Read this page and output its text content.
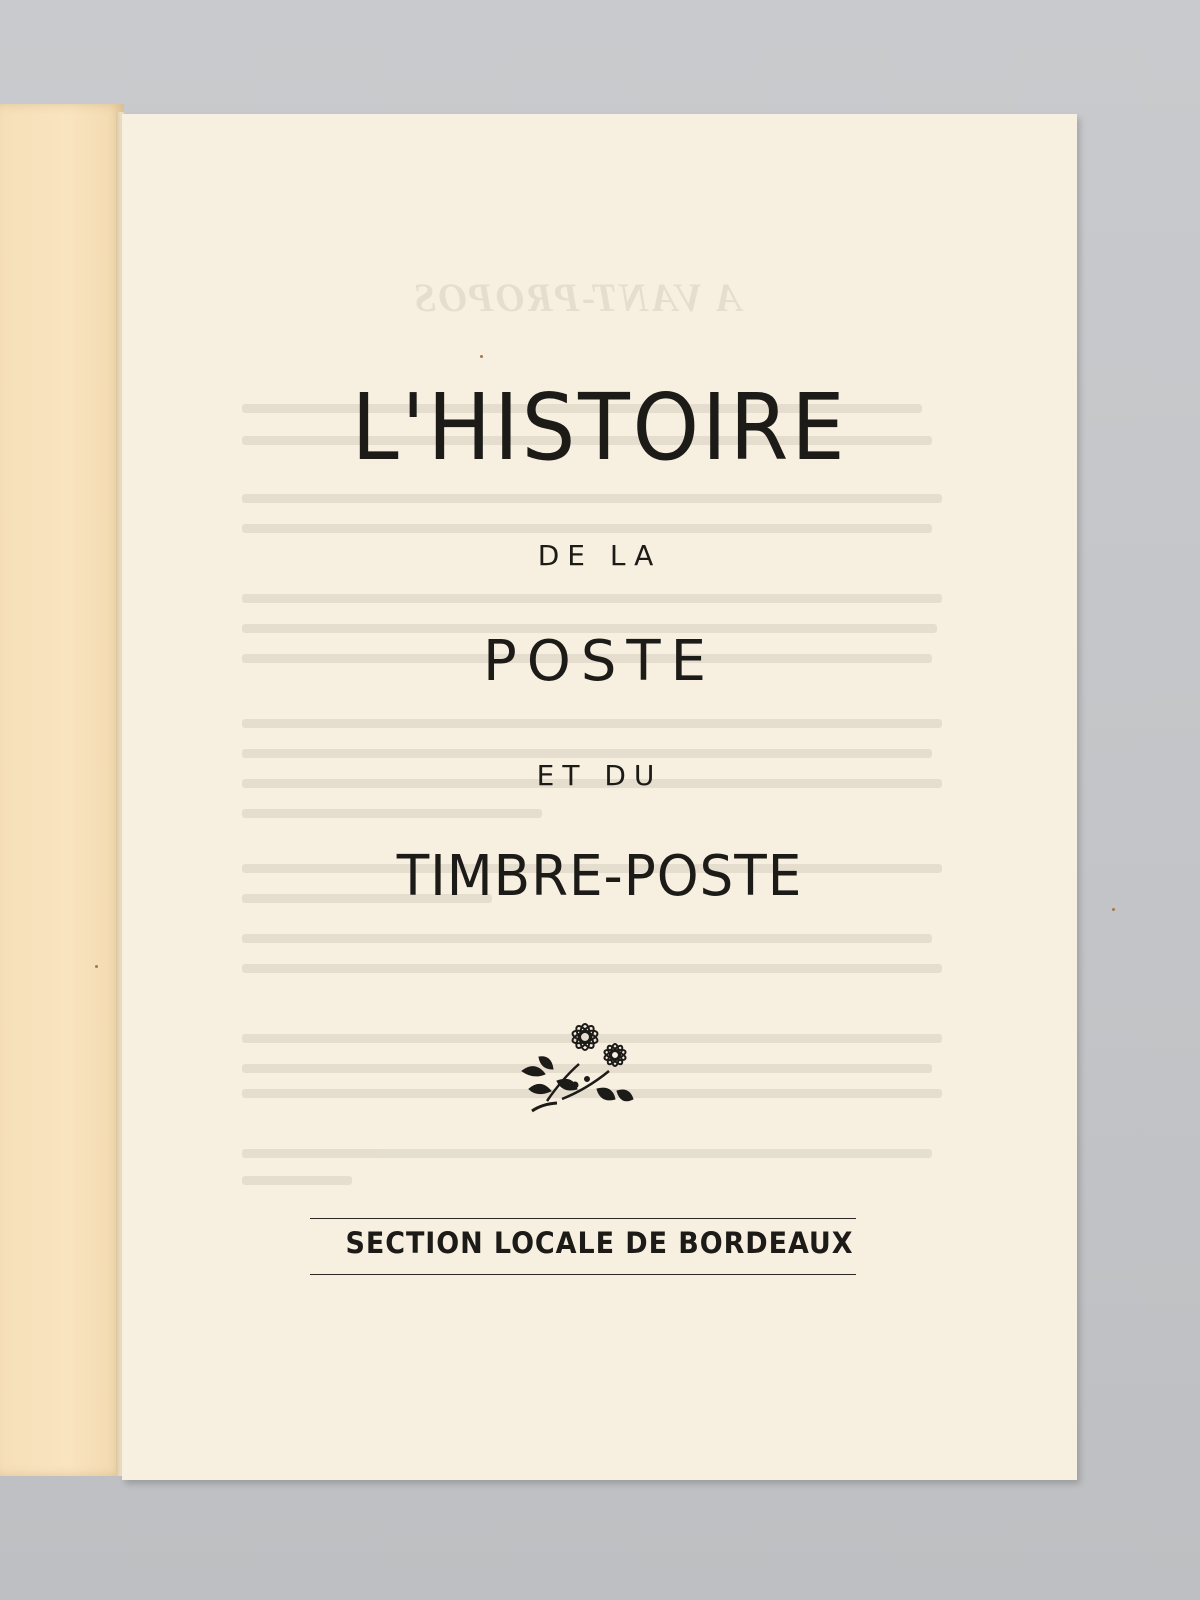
A VANT-PROPOS
L'HISTOIRE
DE LA
POSTE
ET DU
TIMBRE-POSTE
SECTION LOCALE DE BORDEAUX
